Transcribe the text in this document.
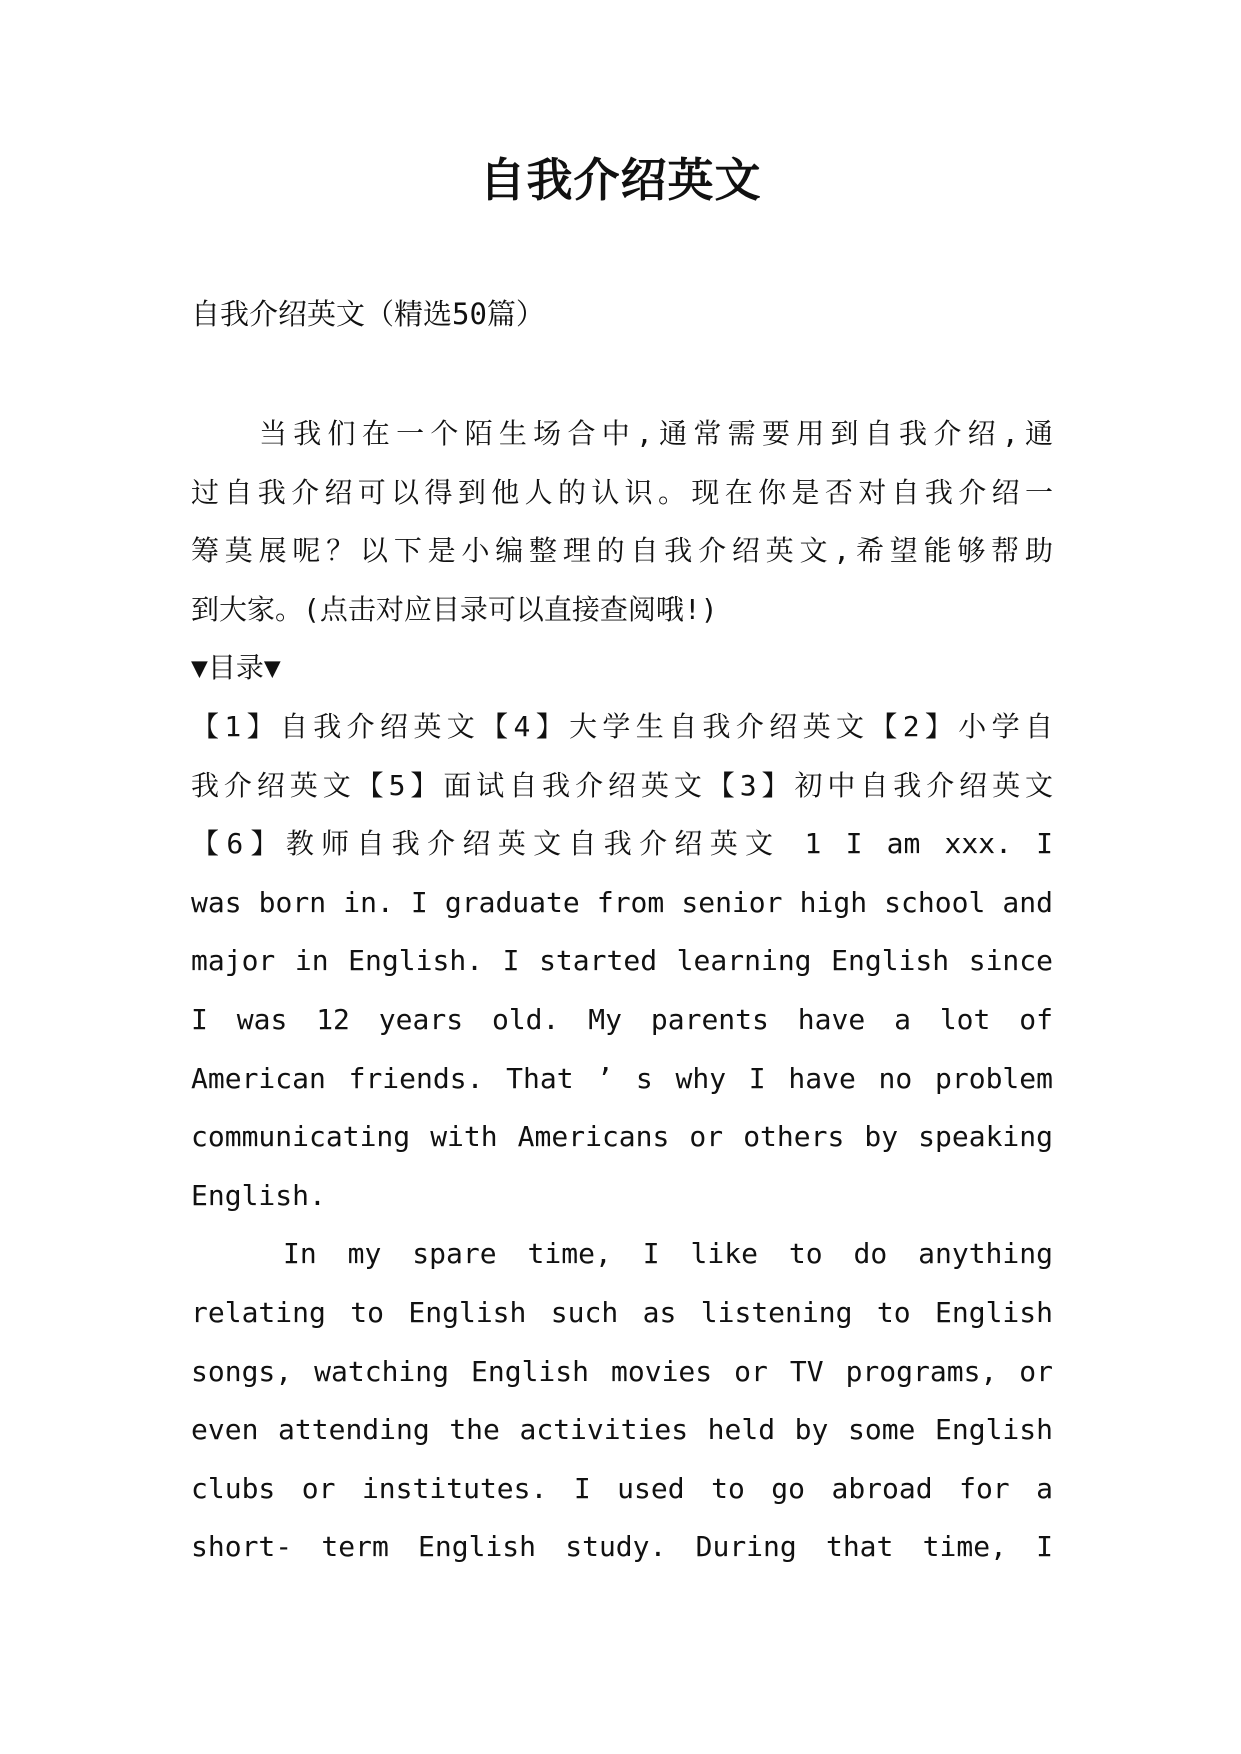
自我介绍英文

自我介绍英文（精选50篇）

当我们在一个陌生场合中,通常需要用到自我介绍,通
过自我介绍可以得到他人的认识。现在你是否对自我介绍一
筹莫展呢？以下是小编整理的自我介绍英文,希望能够帮助
到大家。(点击对应目录可以直接查阅哦!)
▼目录▼
【1】自我介绍英文【4】大学生自我介绍英文【2】小学自
我介绍英文【5】面试自我介绍英文【3】初中自我介绍英文
【6】教师自我介绍英文自我介绍英文 1 I am xxx. I
was born in. I graduate from senior high school and
major in English. I started learning English since
I was 12 years old. My parents have a lot of
American friends. That ’ s why I have no problem
communicating with Americans or others by speaking
English.
In my spare time, I like to do anything
relating to English such as listening to English
songs, watching English movies or TV programs, or
even attending the activities held by some English
clubs or institutes. I used to go abroad for a
short- term English study. During that time, I
